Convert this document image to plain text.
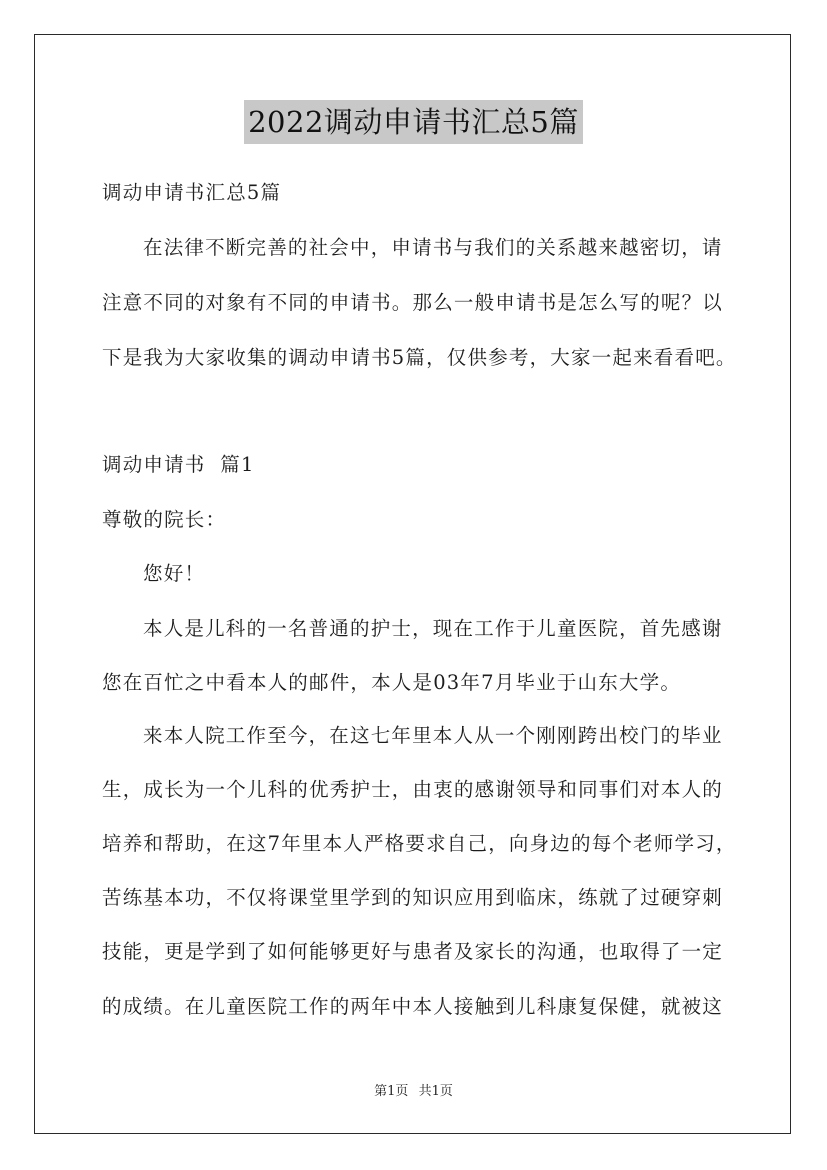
2022调动申请书汇总5篇
调动申请书汇总5篇
在法律不断完善的社会中，申请书与我们的关系越来越密切，请
注意不同的对象有不同的申请书。那么一般申请书是怎么写的呢？以
下是我为大家收集的调动申请书5篇，仅供参考，大家一起来看看吧。
调动申请书  篇1
尊敬的院长：
您好！
本人是儿科的一名普通的护士，现在工作于儿童医院，首先感谢
您在百忙之中看本人的邮件，本人是03年7月毕业于山东大学。
来本人院工作至今，在这七年里本人从一个刚刚跨出校门的毕业
生，成长为一个儿科的优秀护士，由衷的感谢领导和同事们对本人的
培养和帮助，在这7年里本人严格要求自己，向身边的每个老师学习，
苦练基本功，不仅将课堂里学到的知识应用到临床，练就了过硬穿刺
技能，更是学到了如何能够更好与患者及家长的沟通，也取得了一定
的成绩。在儿童医院工作的两年中本人接触到儿科康复保健，就被这
第1页 共1页
